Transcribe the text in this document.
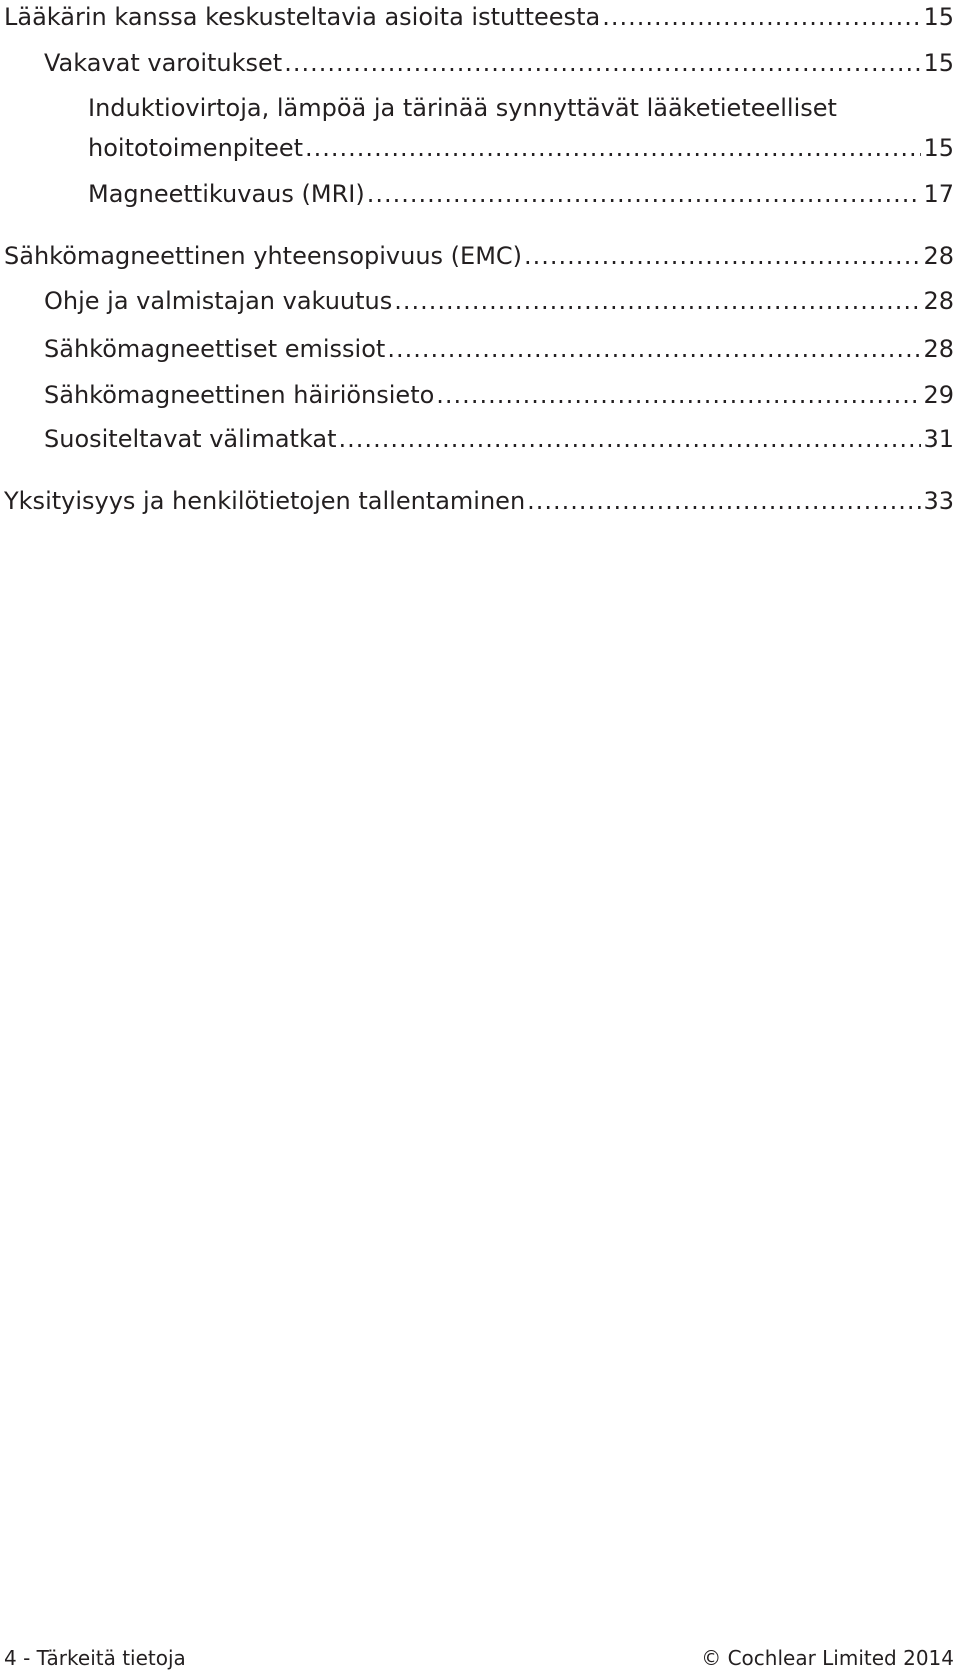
Lääkärin kanssa keskusteltavia asioita istutteesta .....	15
Vakavat varoitukset .....	15
Induktiovirtoja, lämpöä ja tärinää synnyttävät lääketieteelliset
hoitotoimenpiteet .....	15
Magneettikuvaus (MRI) .....	17
Sähkömagneettinen yhteensopivuus (EMC) .....	28
Ohje ja valmistajan vakuutus .....	28
Sähkömagneettiset emissiot .....	28
Sähkömagneettinen häiriönsieto .....	29
Suositeltavat välimatkat .....	31
Yksityisyys ja henkilötietojen tallentaminen .....	33
4 - Tärkeitä tietoja	© Cochlear Limited 2014
